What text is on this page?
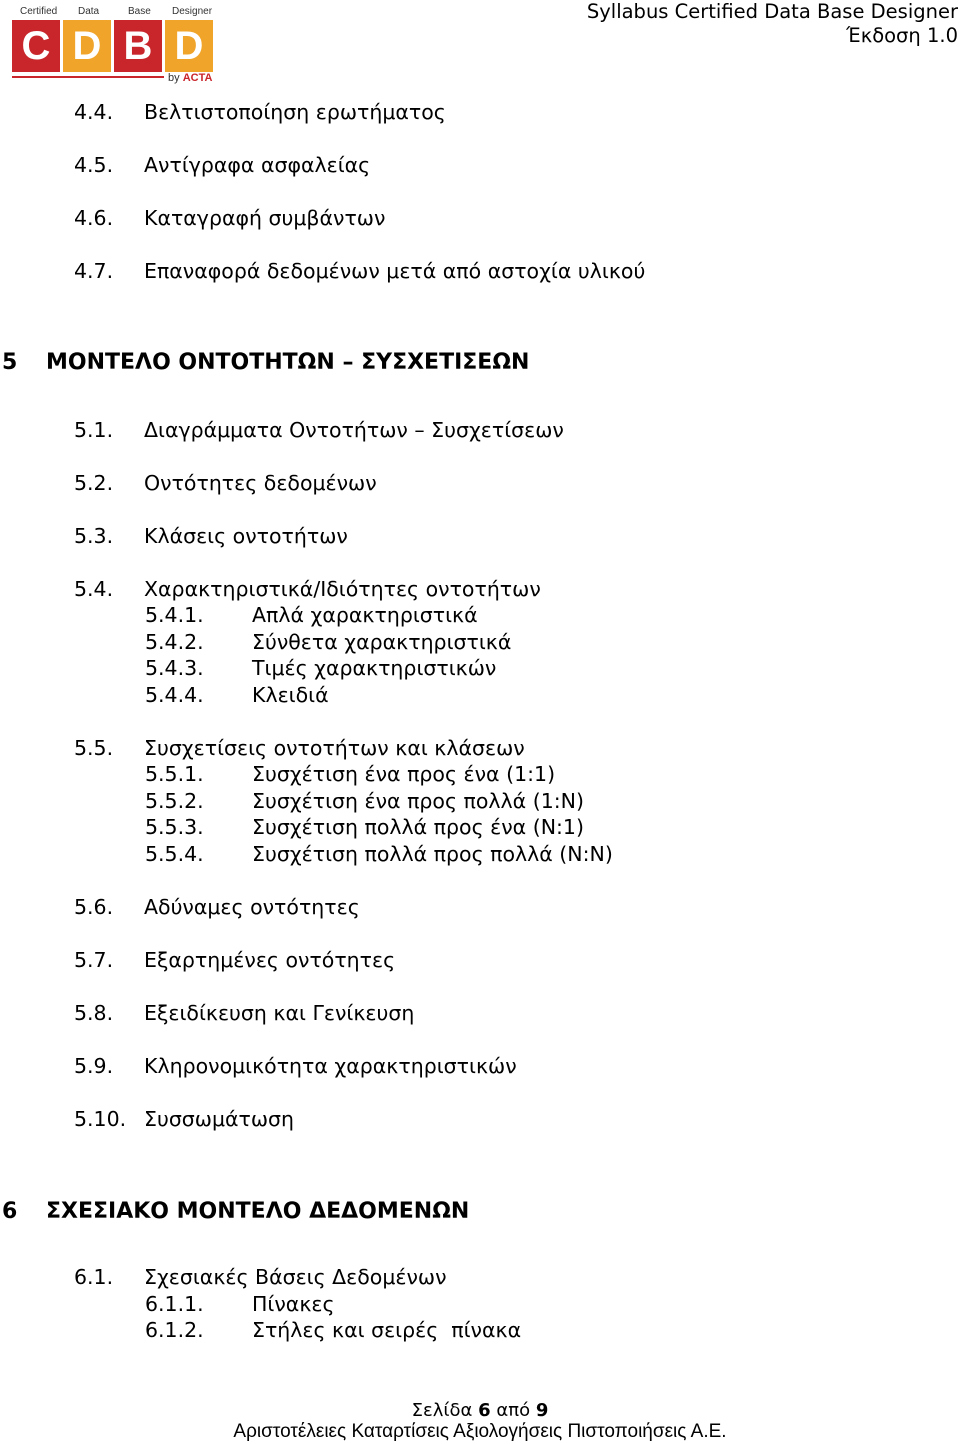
Certified Data	Base Designer
C D B D
by ACTA
Syllabus Certified Data Base Designer
Έκδοση 1.0
4.4. Βελτιστοποίηση ερωτήματος
4.5. Αντίγραφα ασφαλείας
4.6. Καταγραφή συμβάντων
4.7. Επαναφορά δεδομένων μετά από αστοχία υλικού
5 ΜΟΝΤΕΛΟ ΟΝΤΟΤΗΤΩΝ – ΣΥΣΧΕΤΙΣΕΩΝ
5.1. Διαγράμματα Οντοτήτων – Συσχετίσεων
5.2. Οντότητες δεδομένων
5.3. Κλάσεις οντοτήτων
5.4. Χαρακτηριστικά/Ιδιότητες οντοτήτων
5.4.1. Απλά χαρακτηριστικά
5.4.2. Σύνθετα χαρακτηριστικά
5.4.3. Τιμές χαρακτηριστικών
5.4.4. Κλειδιά
5.5. Συσχετίσεις οντοτήτων και κλάσεων
5.5.1. Συσχέτιση ένα προς ένα (1:1)
5.5.2. Συσχέτιση ένα προς πολλά (1:Ν)
5.5.3. Συσχέτιση πολλά προς ένα (Ν:1)
5.5.4. Συσχέτιση πολλά προς πολλά (Ν:Ν)
5.6. Αδύναμες οντότητες
5.7. Εξαρτημένες οντότητες
5.8. Εξειδίκευση και Γενίκευση
5.9. Κληρονομικότητα χαρακτηριστικών
5.10. Συσσωμάτωση
6 ΣΧΕΣΙΑΚΟ ΜΟΝΤΕΛΟ ΔΕΔΟΜΕΝΩΝ
6.1. Σχεσιακές Βάσεις Δεδομένων
6.1.1. Πίνακες
6.1.2. Στήλες και σειρές  πίνακα
Σελίδα 6 από 9
Αριστοτέλειες Καταρτίσεις Αξιολογήσεις Πιστοποιήσεις Α.Ε.
